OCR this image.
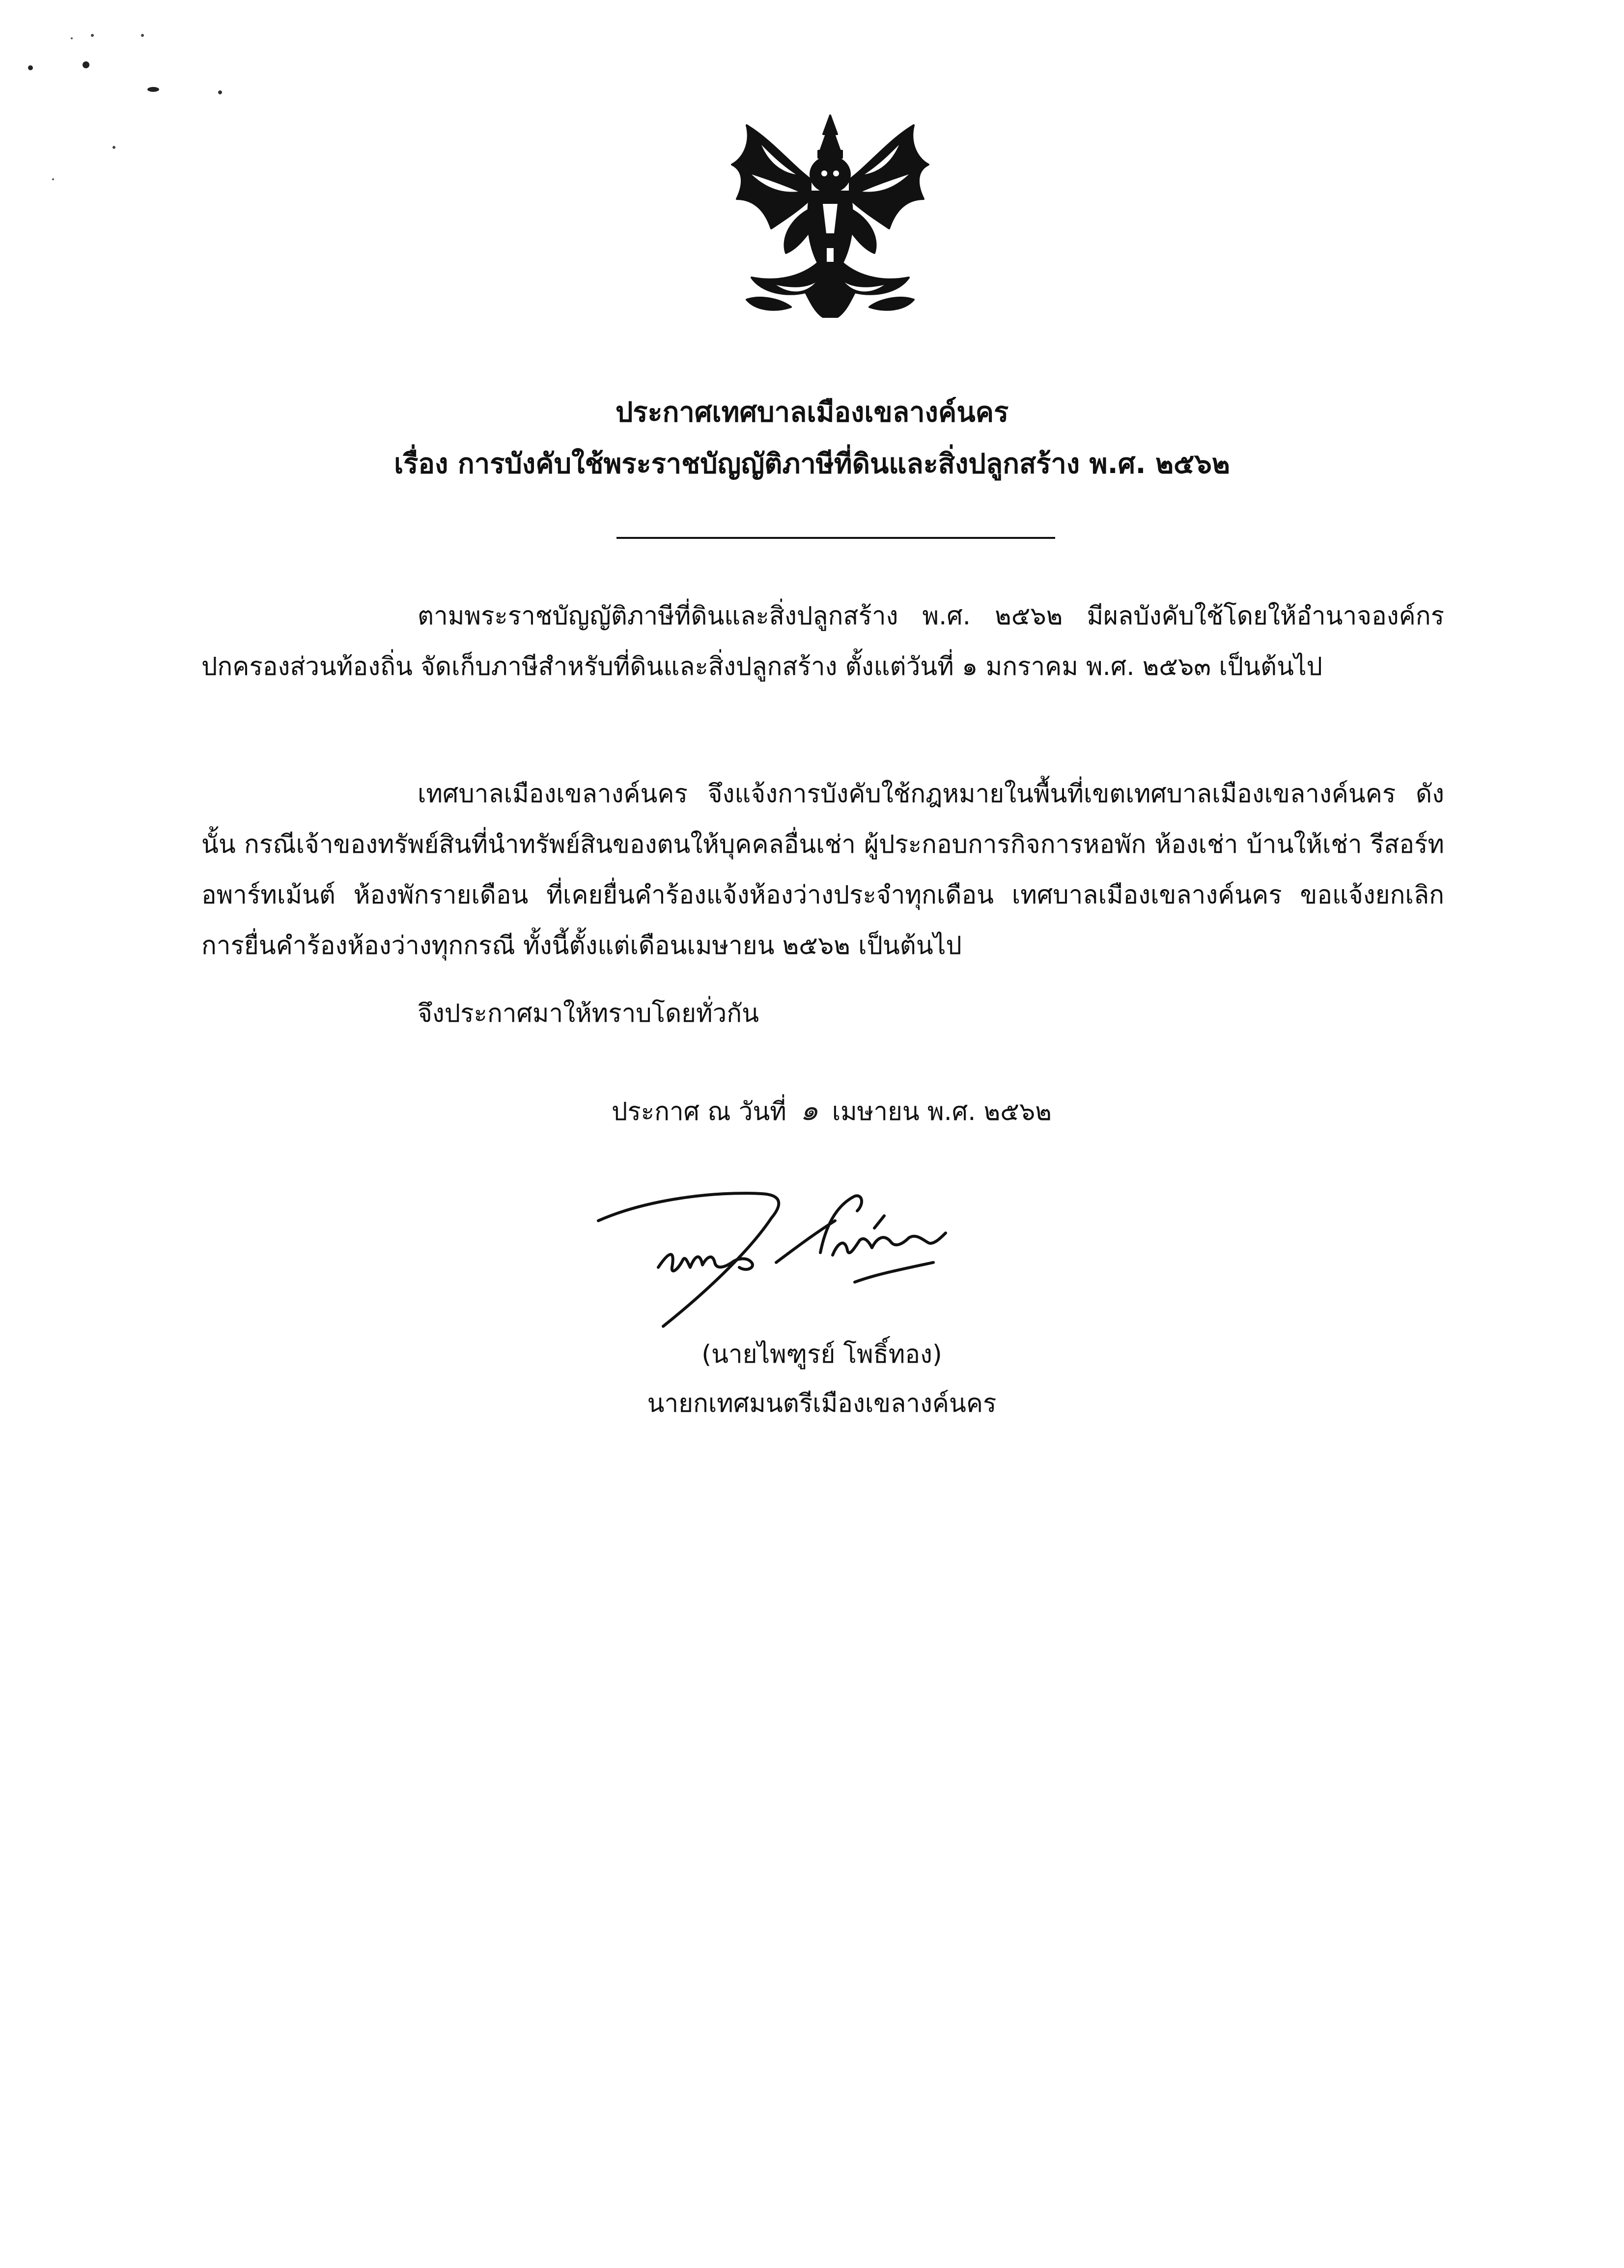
ประกาศเทศบาลเมืองเขลางค์นคร
เรื่อง การบังคับใช้พระราชบัญญัติภาษีที่ดินและสิ่งปลูกสร้าง พ.ศ. ๒๕๖๒

ตามพระราชบัญญัติภาษีที่ดินและสิ่งปลูกสร้าง พ.ศ. ๒๕๖๒ มีผลบังคับใช้โดยให้อำนาจองค์กรปกครองส่วนท้องถิ่น จัดเก็บภาษีสำหรับที่ดินและสิ่งปลูกสร้าง ตั้งแต่วันที่ ๑ มกราคม พ.ศ. ๒๕๖๓ เป็นต้นไป

เทศบาลเมืองเขลางค์นคร จึงแจ้งการบังคับใช้กฎหมายในพื้นที่เขตเทศบาลเมืองเขลางค์นคร ดังนั้น กรณีเจ้าของทรัพย์สินที่นำทรัพย์สินของตนให้บุคคลอื่นเช่า ผู้ประกอบการกิจการหอพัก ห้องเช่า บ้านให้เช่า รีสอร์ท อพาร์ทเม้นต์ ห้องพักรายเดือน ที่เคยยื่นคำร้องแจ้งห้องว่างประจำทุกเดือน เทศบาลเมืองเขลางค์นคร ขอแจ้งยกเลิกการยื่นคำร้องห้องว่างทุกกรณี ทั้งนี้ตั้งแต่เดือนเมษายน ๒๕๖๒ เป็นต้นไป

จึงประกาศมาให้ทราบโดยทั่วกัน
ประกาศ ณ วันที่ ๑ เมษายน พ.ศ. ๒๕๖๒
(นายไพฑูรย์ โพธิ์ทอง)
นายกเทศมนตรีเมืองเขลางค์นคร
